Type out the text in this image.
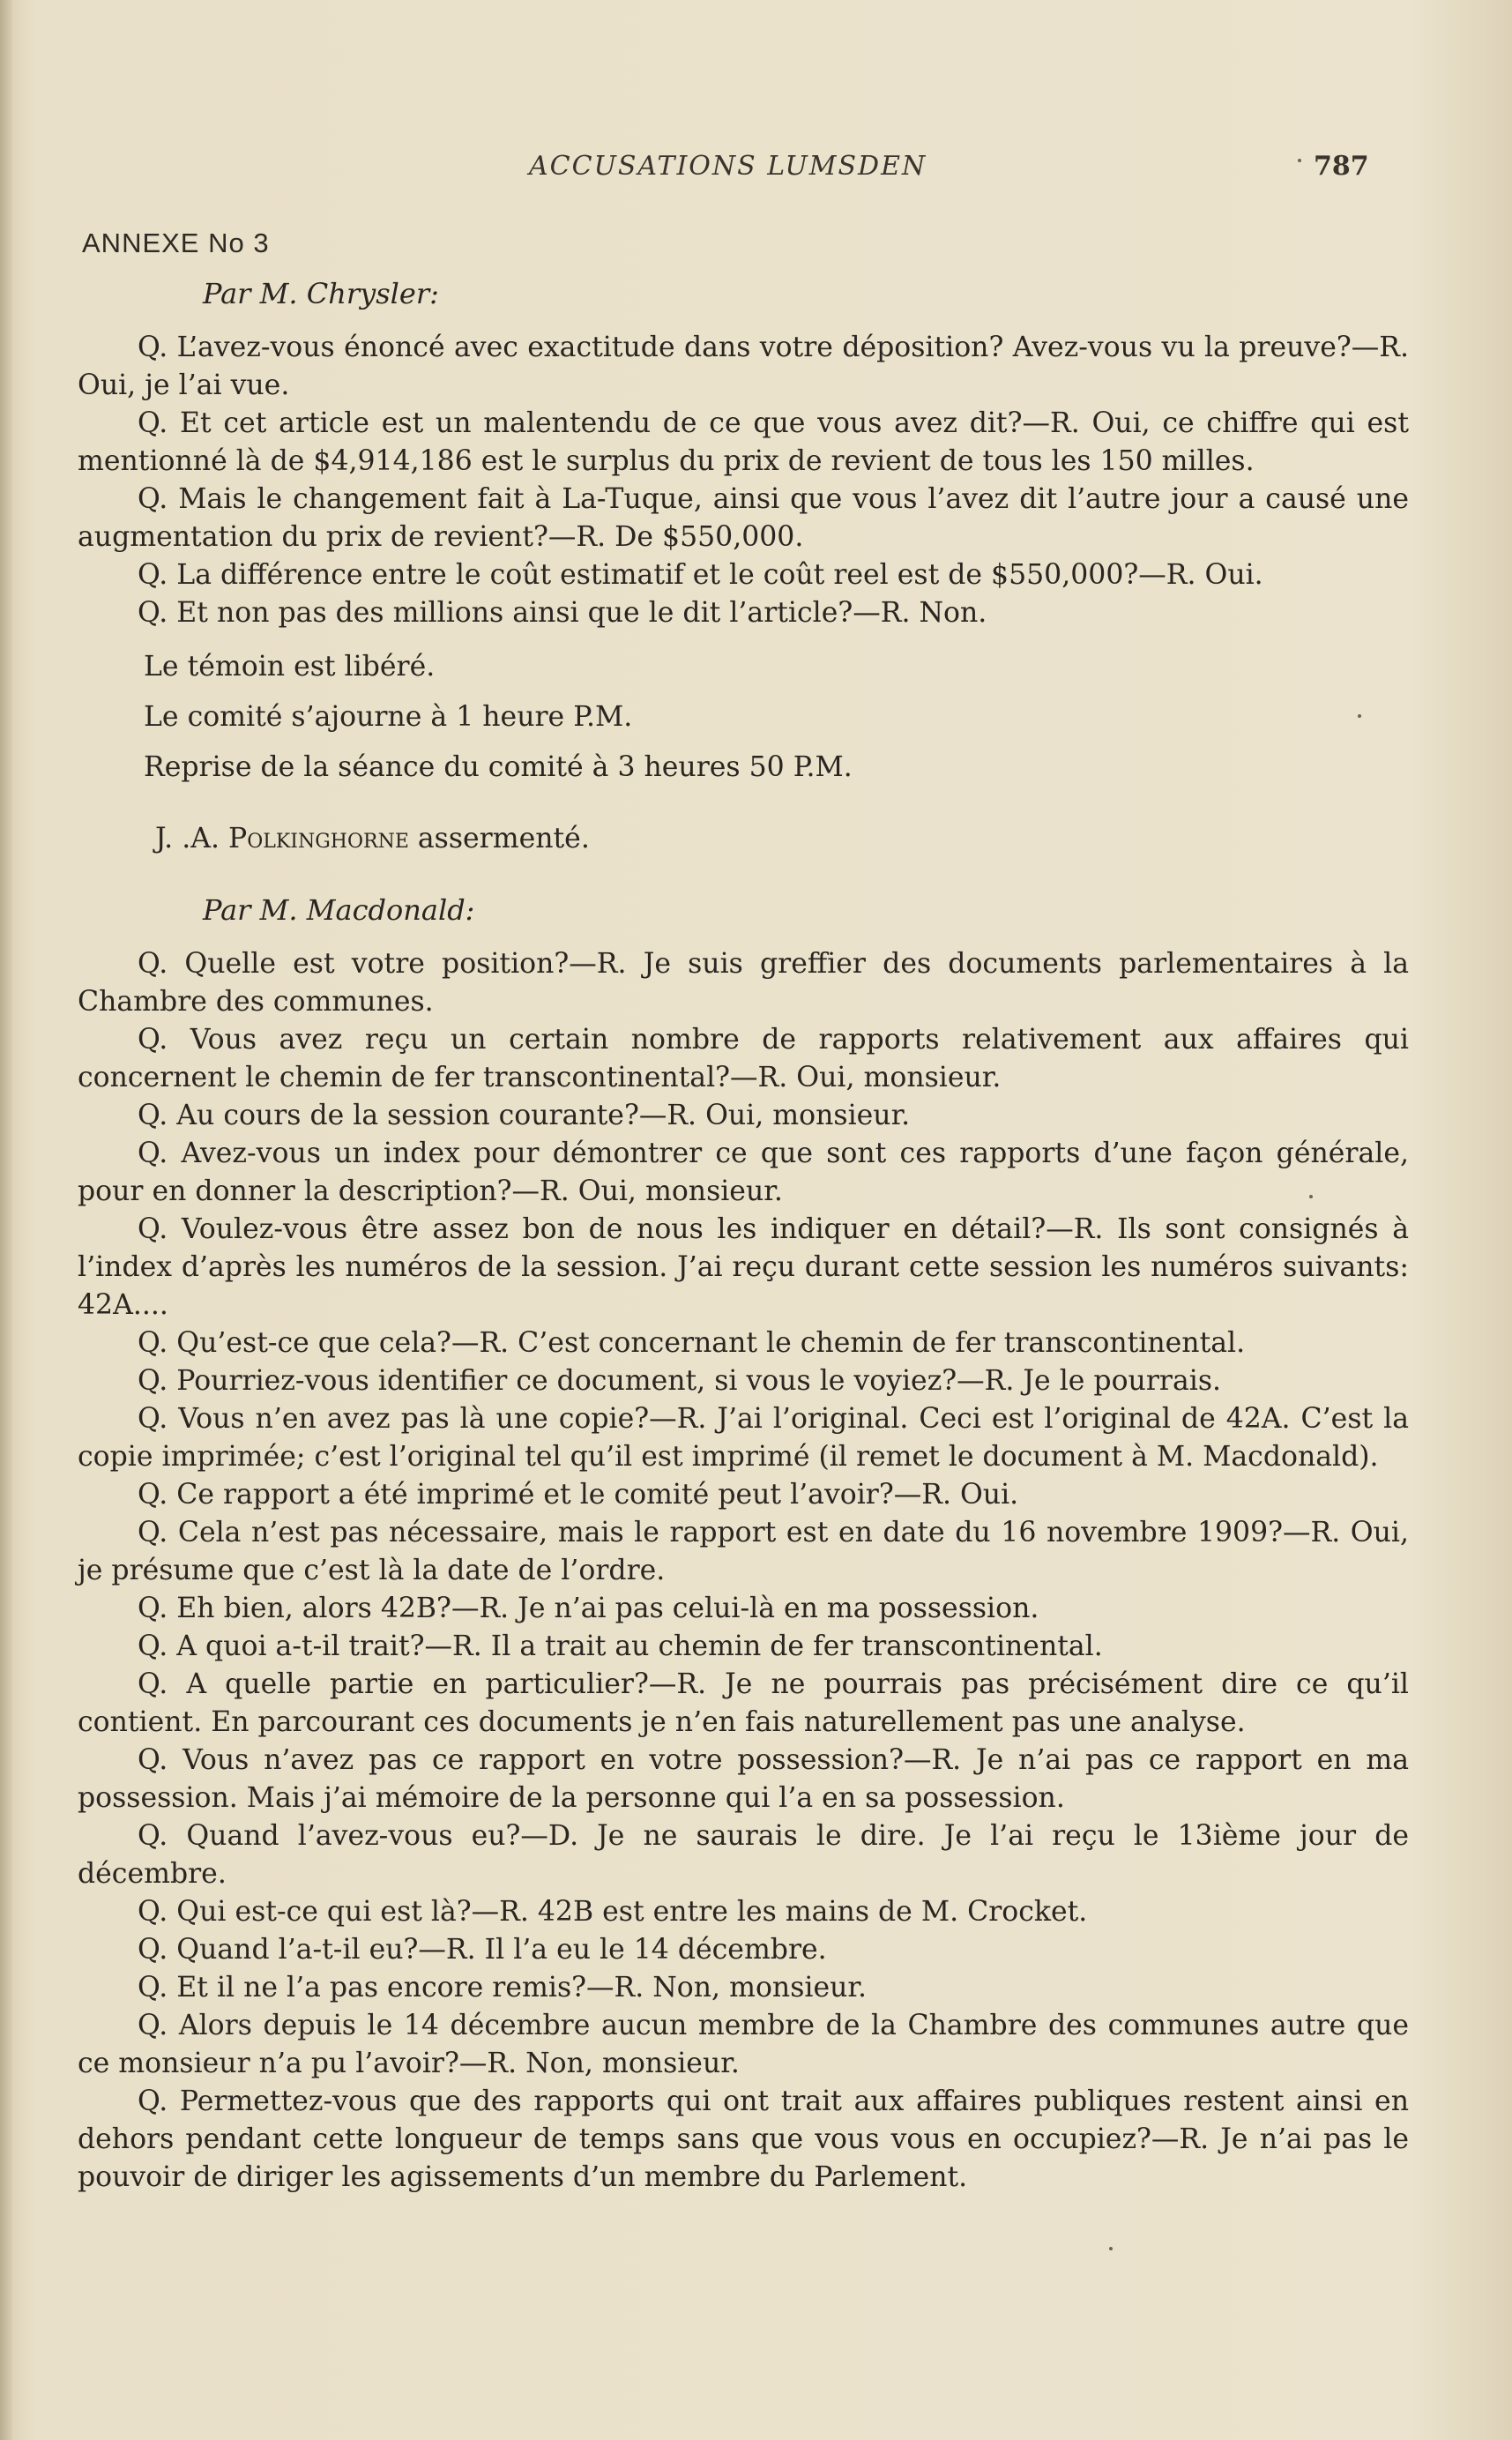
ACCUSATIONS LUMSDEN	787
ANNEXE No 3

Par M. Chrysler:

Q. L’avez-vous énoncé avec exactitude dans votre déposition? Avez-vous vu la preuve?—R. Oui, je l’ai vue.

Q. Et cet article est un malentendu de ce que vous avez dit?—R. Oui, ce chiffre qui est mentionné là de $4,914,186 est le surplus du prix de revient de tous les 150 milles.

Q. Mais le changement fait à La-Tuque, ainsi que vous l’avez dit l’autre jour a causé une augmentation du prix de revient?—R. De $550,000.

Q. La différence entre le coût estimatif et le coût reel est de $550,000?—R. Oui.

Q. Et non pas des millions ainsi que le dit l’article?—R. Non.

Le témoin est libéré.

Le comité s’ajourne à 1 heure P.M.

Reprise de la séance du comité à 3 heures 50 P.M.

J. .A. Polkinghorne assermenté.

Par M. Macdonald:

Q. Quelle est votre position?—R. Je suis greffier des documents parlementaires à la Chambre des communes.

Q. Vous avez reçu un certain nombre de rapports relativement aux affaires qui concernent le chemin de fer transcontinental?—R. Oui, monsieur.

Q. Au cours de la session courante?—R. Oui, monsieur.

Q. Avez-vous un index pour démontrer ce que sont ces rapports d’une façon générale, pour en donner la description?—R. Oui, monsieur.

Q. Voulez-vous être assez bon de nous les indiquer en détail?—R. Ils sont consignés à l’index d’après les numéros de la session. J’ai reçu durant cette session les numéros suivants: 42A....

Q. Qu’est-ce que cela?—R. C’est concernant le chemin de fer transcontinental.

Q. Pourriez-vous identifier ce document, si vous le voyiez?—R. Je le pourrais.

Q. Vous n’en avez pas là une copie?—R. J’ai l’original. Ceci est l’original de 42A. C’est la copie imprimée; c’est l’original tel qu’il est imprimé (il remet le document à M. Macdonald).

Q. Ce rapport a été imprimé et le comité peut l’avoir?—R. Oui.

Q. Cela n’est pas nécessaire, mais le rapport est en date du 16 novembre 1909?—R. Oui, je présume que c’est là la date de l’ordre.

Q. Eh bien, alors 42B?—R. Je n’ai pas celui-là en ma possession.

Q. A quoi a-t-il trait?—R. Il a trait au chemin de fer transcontinental.

Q. A quelle partie en particulier?—R. Je ne pourrais pas précisément dire ce qu’il contient. En parcourant ces documents je n’en fais naturellement pas une analyse.

Q. Vous n’avez pas ce rapport en votre possession?—R. Je n’ai pas ce rapport en ma possession. Mais j’ai mémoire de la personne qui l’a en sa possession.

Q. Quand l’avez-vous eu?—D. Je ne saurais le dire. Je l’ai reçu le 13ième jour de décembre.

Q. Qui est-ce qui est là?—R. 42B est entre les mains de M. Crocket.

Q. Quand l’a-t-il eu?—R. Il l’a eu le 14 décembre.

Q. Et il ne l’a pas encore remis?—R. Non, monsieur.

Q. Alors depuis le 14 décembre aucun membre de la Chambre des communes autre que ce monsieur n’a pu l’avoir?—R. Non, monsieur.

Q. Permettez-vous que des rapports qui ont trait aux affaires publiques restent ainsi en dehors pendant cette longueur de temps sans que vous vous en occupiez?—R. Je n’ai pas le pouvoir de diriger les agissements d’un membre du Parlement.
